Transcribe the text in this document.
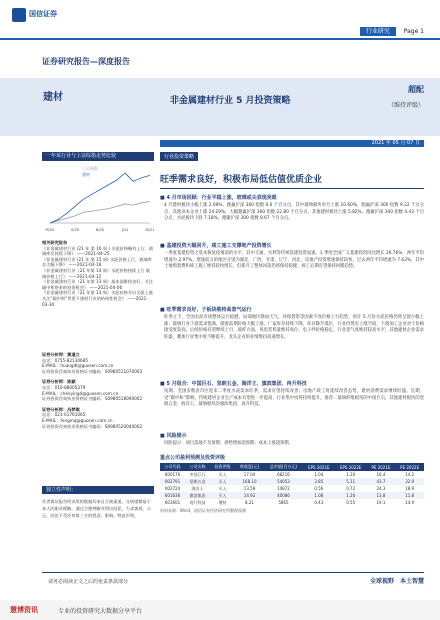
国信证券
行业研究 Page 1
证券研究报告—深度报告
建材	非金属建材行业 5 月投资策略
超配
（维持评级）
2021 年 05 月 07 日
一年该行业与上证综指走势比较
上证指数
建材
M/20	S/20	N/20	J/21	M/21
相关研究报告
《非金属建材行业 (21 年 第 16 周 ) 水泥价格略有上行，玻璃库存持续下降》 ——2021-04-25
《非金属建材行业 (21 年 第 15 周) 水泥价格上行，玻璃库存大幅下降》 ——2021-04-18
《非金属建材行业（21 年第 14 周）水泥价格持续上行 玻璃价格上行》 ——2021-04-12
《非金属建材行业（21 年第 13 周）基本面维持良好，关注碳中和带来的投资机会》 ——2021-04-06
《非金属建材行业（21 年第 13 周）水泥价格开启全面上涨 关注“碳中和”背景下建材行业的结构性机会》 ——2021-03-30
证券分析师：黄道立
电话：0755-82130685
E-MAIL：huangdl@guosen.com.cn
证券投资咨询执业资格证书编码：S0980511070003
证券分析师：陈颖
电话：010-88005379
E-MAIL：chenying4@guosen.com.cn
证券投资咨询执业资格证书编码：S0980518090002
证券分析师：冯梦琪
电话：021-61761065
E-MAIL：fengmq@guosen.com.cn
证券投资咨询执业资格证书编码：S0980520040002
独立性声明：
作者保证报告所采用的数据均来自合规渠道，分析逻辑基于本人的职业理解，通过合理判断并得出结论，力求客观、公正，结论不受任何第三方的授意、影响，特此声明。
行业投资策略
旺季需求良好，积极布局低估值优质企业
■ 4 月市场回顾：行业平稳上涨，玻璃或尖表现亮眼
4 月建材板块小幅上涨 2.09%，跑赢沪深 300 指数 0.6 个百分点，其中玻璃板块单月上涨 10.60%，跑赢沪深 300 指数 9.22 个百分点，其他业本企业上涨 24.29%，大幅跑赢沪深 300 指数 22.80 个百分点，其他建材板块上涨 5.82%，跑赢沪深 300 指数 4.43 个百分点，水泥板块下跌 7.18%，跑输沪深 300 指数 8.67 个百分点。
■ 基建投资大幅回升，竣工施工支撑地产投资增长
一季度基建投资之基本恢复疫情前的水平，其中交通、水利等传统基建投资加速。1 季度全国广义基建投资同比增长 26.76%，两年平均增速为 2.97%。增速前五的地区分别为湖北、广西、甘肃、辽宁、河北，房地产投资增速保持较快，过去两年平均增速为 7.63%，其中土地购置费和竣工施工维持较快增长，但新开工整体回落仍将保持稳健，竣工后期有望保持回暖趋势。
■ 旺季需求良好，子板块维持高景气运行
旺季之下，全国水泥市场整体运行稳健，局部地区降雨天气，环保督察等因素不改价格上行趋势，预计 5 月份水泥价格仍将呈现小幅上涨；玻璃行业下游需求饱满，随着前期价格大幅上涨，厂家库存持续下降，库存降至低位，行业仍然有上涨空间，下游加工企业对于价格接受度较高，后续价格有望继续上行，玻纤方面，风电装机量维持高位，电子纱价格稳定，行业景气度维持较高水平，其他建材企业需求旺盛，叠加行业集中度不断提升，龙头企业的业绩维持高速增长。
■ 5 月组合：中国巨石、坚朗五金、海洋王、旗滨集团、再升科技
短期，全国多数省市区迎来二季度水泥需求旺季，需求有望持续改善；房地产竣工将延续改善态势，建材消费需求继续旺盛。长期，受“碳中和”影响，传统建材企业生产成本有望进一步提高，行业集中度将持续提升。推荐：玻璃纤维板块的中国巨石，其他建材板块的坚朗五金、海洋王，玻璃板块的旗滨集团、再升科技。
■ 风险提示
风险提示：项目落地不及预期；供给增加超预期；成本上涨超预期。
重点公司盈利预测及投资评级
公司代码	公司名称	投资评级	昨收盘(元)	总市值(百万元)	EPS 2021E	EPS 2022E	PE 2021E	PE 2022E
600176	中国巨石	买入	17.04	68216	1.04	1.20	16.4	14.2
002791	坚朗五金	买入	168.10	54053	3.85	5.11	43.7	32.9
002724	海洋王	买入	13.59	10872	0.56	0.72	24.3	18.9
601636	旗滨集团	买入	14.92	40086	1.08	1.26	13.8	11.8
603601	再升科技	增持	8.21	5865	0.43	0.55	19.1	14.9
资料来源：Wind、国信证券经济研究所整理预测
请务必阅读正文之后的免责条款部分	全球视野　本土智慧
慧博资讯	专业的投资研究大数据分享平台
